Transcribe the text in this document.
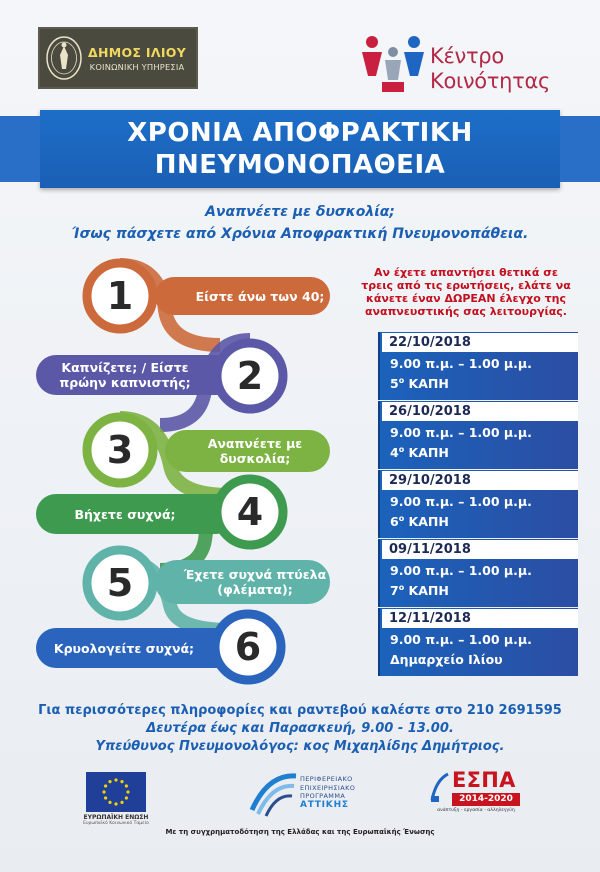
ΔΗΜΟΣ ΙΛΙΟΥ
ΚΟΙΝΩΝΙΚΗ ΥΠΗΡΕΣΙΑ	Κέντρο
Κοινότητας
ΧΡΟΝΙΑ ΑΠΟΦΡΑΚΤΙΚΗ
ΠΝΕΥΜΟΝΟΠΑΘΕΙΑ
Αναπνέετε με δυσκολία;
Ίσως πάσχετε από Χρόνια Αποφρακτική Πνευμονοπάθεια.
1	Είστε άνω των 40;
2
Καπνίζετε; / Είστε πρώην καπνιστής;
3	Αναπνέετε με δυσκολία;
4
Βήχετε συχνά;
5	Έχετε συχνά πτύελα (φλέματα);
6
Κρυολογείτε συχνά;
Αν έχετε απαντήσει θετικά σε τρεις από τις ερωτήσεις, ελάτε να κάνετε έναν ΔΩΡΕΑΝ έλεγχο της αναπνευστικής σας λειτουργίας.
22/10/2018
9.00 π.μ. – 1.00 μ.μ.
$5^o$ ΚΑΠΗ
26/10/2018
9.00 π.μ. – 1.00 μ.μ.
$4^o$ ΚΑΠΗ
29/10/2018
9.00 π.μ. – 1.00 μ.μ.
$6^o$ ΚΑΠΗ
09/11/2018
9.00 π.μ. – 1.00 μ.μ.
$7^o$ ΚΑΠΗ
12/11/2018
9.00 π.μ. – 1.00 μ.μ.
Δημαρχείο Ιλίου
Για περισσότερες πληροφορίες και ραντεβού καλέστε στο 210 2691595
Δευτέρα έως και Παρασκευή, 9.00 - 13.00.
Υπεύθυνος Πνευμονολόγος: κος Μιχαηλίδης Δημήτριος.
ΕΥΡΩΠΑΪΚΗ ΕΝΩΣΗ
Ευρωπαϊκό Κοινωνικό Ταμείο
ΠΕΡΙΦΕΡΕΙΑΚΟ
ΕΠΙΧΕΙΡΗΣΙΑΚΟ
ΠΡΟΓΡΑΜΜΑ
ΑΤΤΙΚΗΣ
ΕΣΠΑ
2014-2020
ανάπτυξη - εργασία - αλληλεγγύη
Με τη συγχρηματοδότηση της Ελλάδας και της Ευρωπαϊκής Ένωσης
